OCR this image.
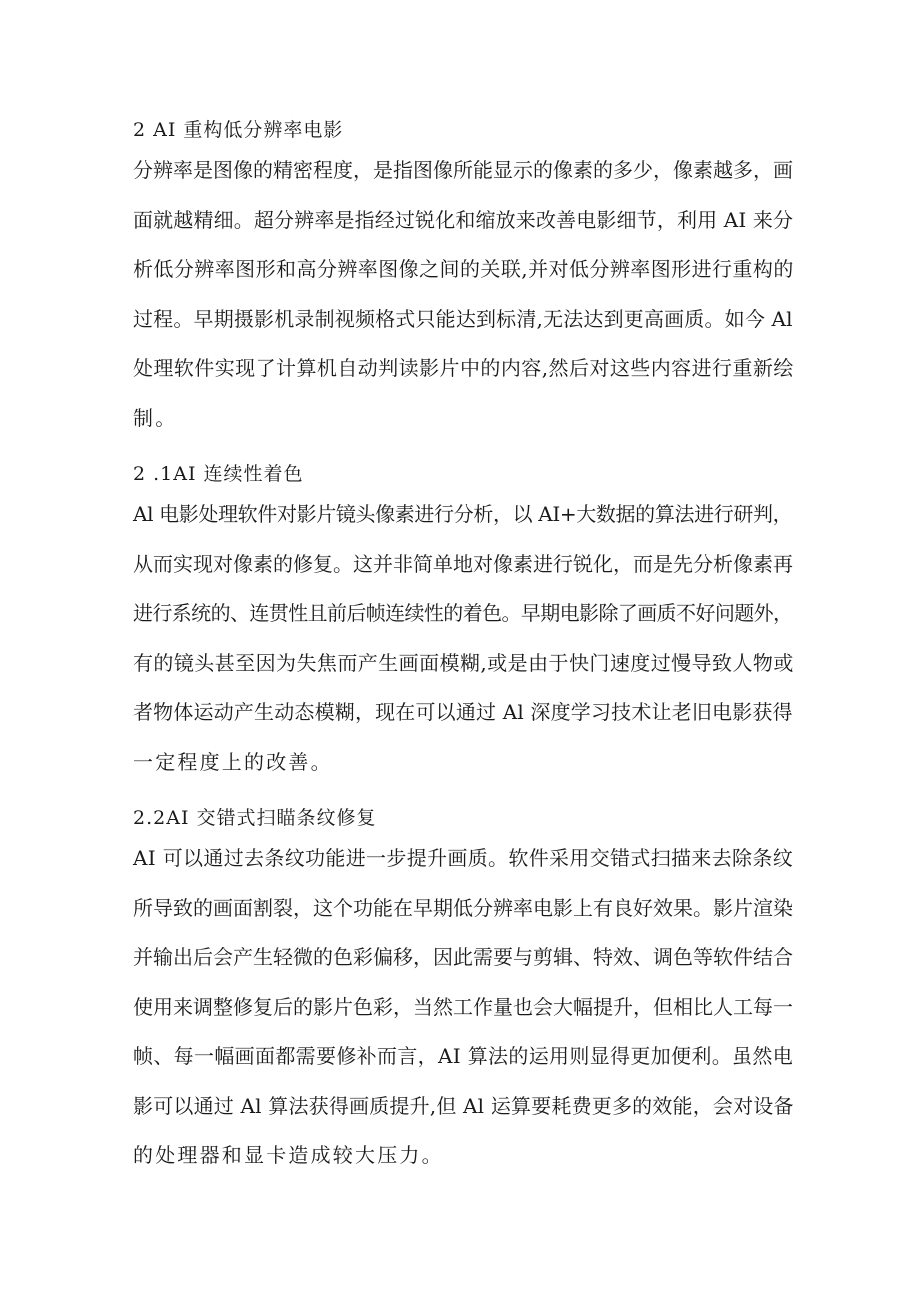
2 AI 重构低分辨率电影
分辨率是图像的精密程度，是指图像所能显示的像素的多少，像素越多，画
面就越精细。超分辨率是指经过锐化和缩放来改善电影细节，利用 AI 来分
析低分辨率图形和高分辨率图像之间的关联,并对低分辨率图形进行重构的
过程。早期摄影机录制视频格式只能达到标清,无法达到更高画质。如今 Al
处理软件实现了计算机自动判读影片中的内容,然后对这些内容进行重新绘
制。
2 .1AI 连续性着色
Al 电影处理软件对影片镜头像素进行分析，以 AI+大数据的算法进行研判，
从而实现对像素的修复。这并非简单地对像素进行锐化，而是先分析像素再
进行系统的、连贯性且前后帧连续性的着色。早期电影除了画质不好问题外，
有的镜头甚至因为失焦而产生画面模糊,或是由于快门速度过慢导致人物或
者物体运动产生动态模糊，现在可以通过 Al 深度学习技术让老旧电影获得
一定程度上的改善。
2.2AI 交错式扫瞄条纹修复
AI 可以通过去条纹功能进一步提升画质。软件采用交错式扫描来去除条纹
所导致的画面割裂，这个功能在早期低分辨率电影上有良好效果。影片渲染
并输出后会产生轻微的色彩偏移，因此需要与剪辑、特效、调色等软件结合
使用来调整修复后的影片色彩，当然工作量也会大幅提升，但相比人工每一
帧、每一幅画面都需要修补而言，AI 算法的运用则显得更加便利。虽然电
影可以通过 Al 算法获得画质提升,但 Al 运算要耗费更多的效能，会对设备
的处理器和显卡造成较大压力。
